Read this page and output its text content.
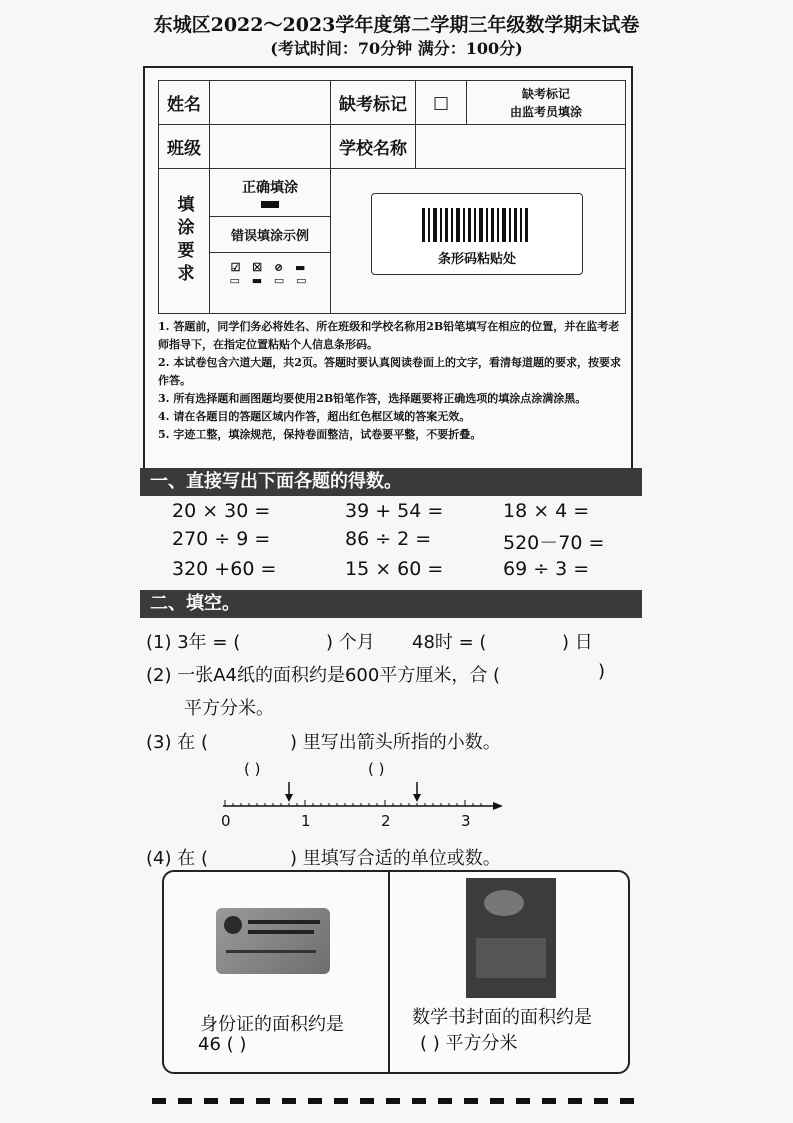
东城区2022～2023学年度第二学期三年级数学期末试卷
(考试时间：70分钟 满分：100分)
姓名		缺考标记	□	缺考标记
由监考员填涂

班级		学校名称		
填涂要求	正确填涂
错误填涂示例
☑ ☒ ⊘ ▬
▭ ▬ ▭ ▭	条形码粘贴处		
1. 答题前，同学们务必将姓名、所在班级和学校名称用2B铅笔填写在相应的位置，并在监考老师指导下，在指定位置粘贴个人信息条形码。
2. 本试卷包含六道大题，共2页。答题时要认真阅读卷面上的文字，看清每道题的要求，按要求作答。
3. 所有选择题和画图题均要使用2B铅笔作答，选择题要将正确选项的填涂点涂满涂黑。
4. 请在各题目的答题区域内作答，超出红色框区域的答案无效。
5. 字迹工整，填涂规范，保持卷面整洁，试卷要平整，不要折叠。
一、直接写出下面各题的得数。
20 × 30 =	39 + 54 =	18 × 4 =
270 ÷ 9 =	86 ÷ 2 =	520－70 =
320 +60 =	15 × 60 =	69 ÷ 3 =
二、填空。
(1) 3年 = (	) 个月 48时 = (	) 日
(2) 一张A4纸的面积约是600平方厘米，合 (	)
平方分米。
(3) 在 (	) 里写出箭头所指的小数。
( )	( )
0	1	2	3
(4) 在 (	) 里填写合适的单位或数。
身份证的面积约是
46 ( )
数学书封面的面积约是
( ) 平方分米
